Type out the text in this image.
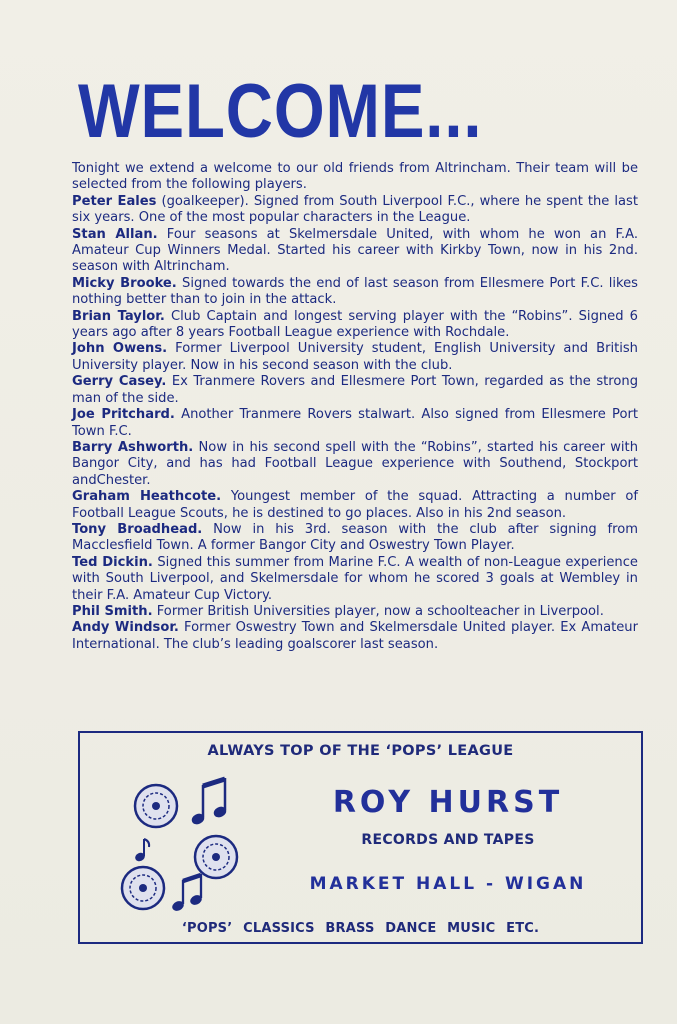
WELCOME...

Tonight we extend a welcome to our old friends from Altrincham. Their team will be selected from the following players.

Peter Eales (goalkeeper). Signed from South Liverpool F.C., where he spent the last six years. One of the most popular characters in the League.

Stan Allan. Four seasons at Skelmersdale United, with whom he won an F.A. Amateur Cup Winners Medal. Started his career with Kirkby Town, now in his 2nd. season with Altrincham.

Micky Brooke. Signed towards the end of last season from Ellesmere Port F.C. likes nothing better than to join in the attack.

Brian Taylor. Club Captain and longest serving player with the “Robins”. Signed 6 years ago after 8 years Football League experience with Rochdale.

John Owens. Former Liverpool University student, English University and British University player. Now in his second season with the club.

Gerry Casey. Ex Tranmere Rovers and Ellesmere Port Town, regarded as the strong man of the side.

Joe Pritchard. Another Tranmere Rovers stalwart. Also signed from Ellesmere Port Town F.C.

Barry Ashworth. Now in his second spell with the “Robins”, started his career with Bangor City, and has had Football League experience with Southend, Stockport andChester.

Graham Heathcote. Youngest member of the squad. Attracting a number of Football League Scouts, he is destined to go places. Also in his 2nd season.

Tony Broadhead. Now in his 3rd. season with the club after signing from Macclesfield Town. A former Bangor City and Oswestry Town Player.

Ted Dickin. Signed this summer from Marine F.C. A wealth of non-League experience with South Liverpool, and Skelmersdale for whom he scored 3 goals at Wembley in their F.A. Amateur Cup Victory.

Phil Smith. Former British Universities player, now a schoolteacher in Liverpool.

Andy Windsor. Former Oswestry Town and Skelmersdale United player. Ex Amateur International. The club’s leading goalscorer last season.

ALWAYS TOP OF THE ‘POPS’ LEAGUE
ROY HURST
RECORDS AND TAPES
MARKET HALL - WIGAN
‘POPS’ CLASSICS BRASS DANCE MUSIC ETC.
